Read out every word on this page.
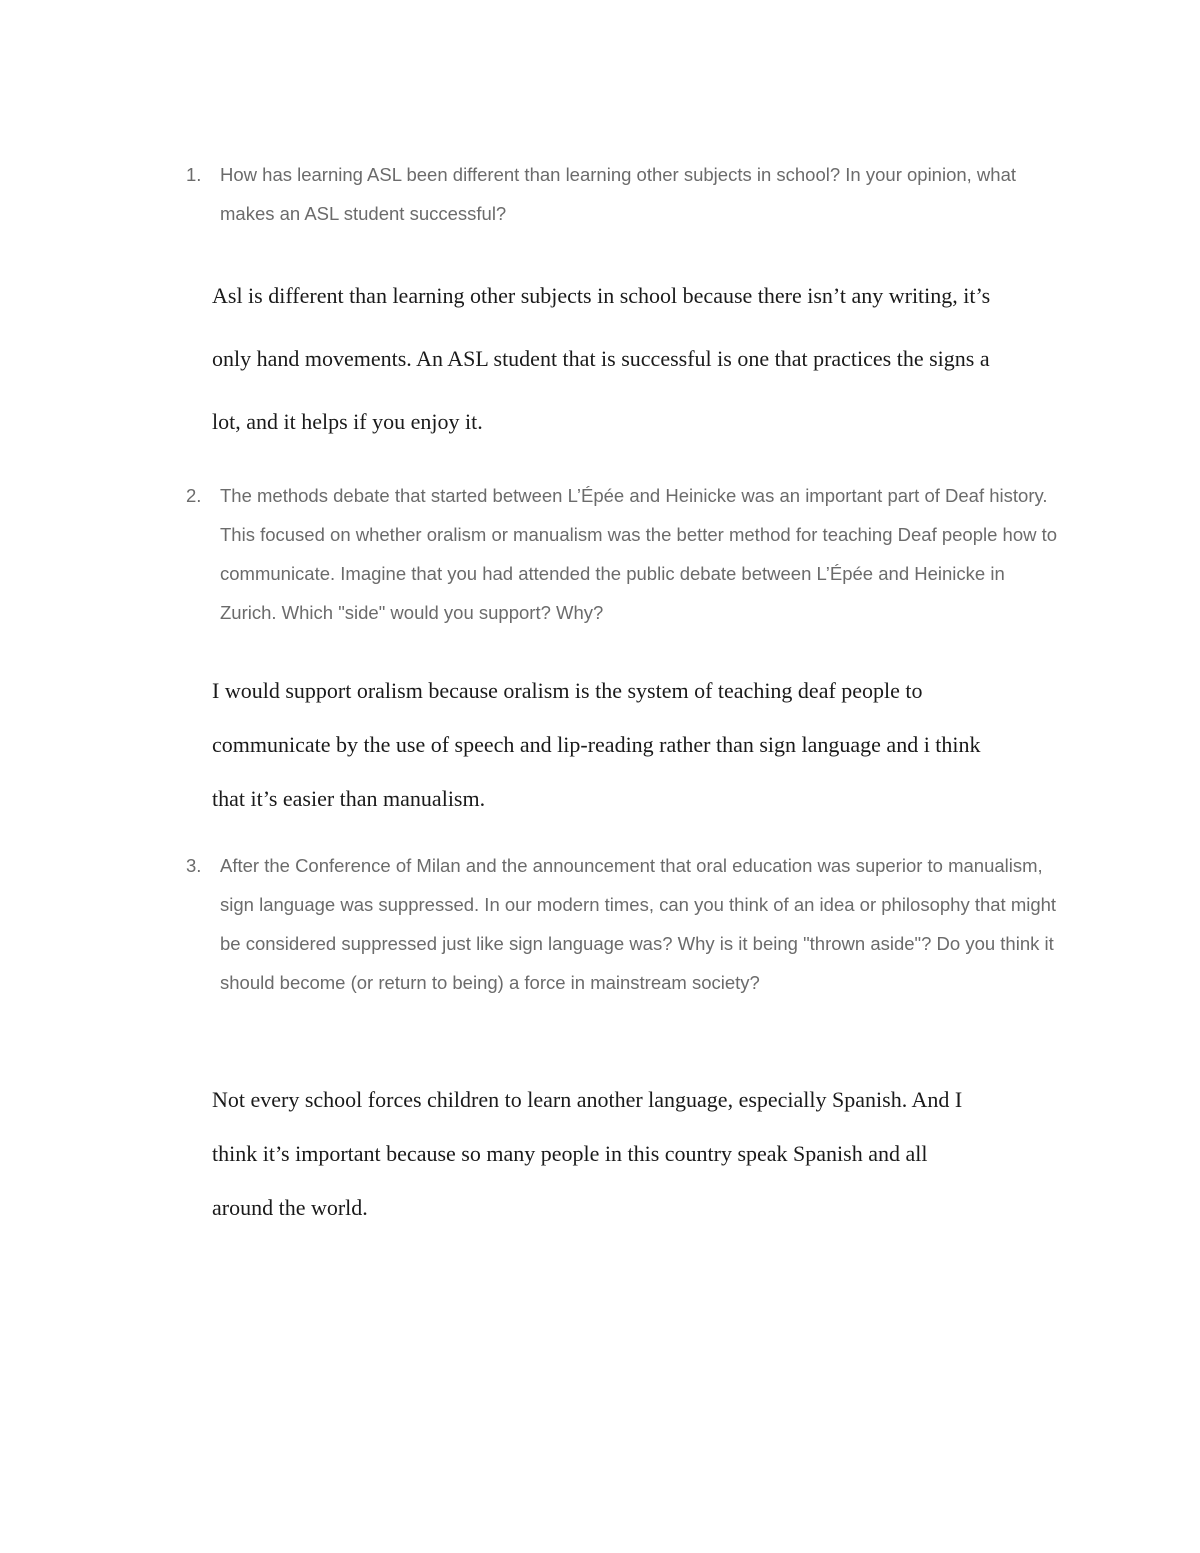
1.	How has learning ASL been different than learning other subjects in school? In your opinion, what makes an ASL student successful?
Asl is different than learning other subjects in school because there isn’t any writing, it’s
only hand movements. An ASL student that is successful is one that practices the signs a
lot, and it helps if you enjoy it.
2.	The methods debate that started between L’Épée and Heinicke was an important part of Deaf history. This focused on whether oralism or manualism was the better method for teaching Deaf people how to communicate. Imagine that you had attended the public debate between L’Épée and Heinicke in Zurich. Which "side" would you support? Why?
I would support oralism because oralism is the system of teaching deaf people to
communicate by the use of speech and lip-reading rather than sign language and i think
that it’s easier than manualism.
3.	After the Conference of Milan and the announcement that oral education was superior to manualism, sign language was suppressed. In our modern times, can you think of an idea or philosophy that might be considered suppressed just like sign language was? Why is it being "thrown aside"? Do you think it should become (or return to being) a force in mainstream society?
Not every school forces children to learn another language, especially Spanish. And I
think it’s important because so many people in this country speak Spanish and all
around the world.
